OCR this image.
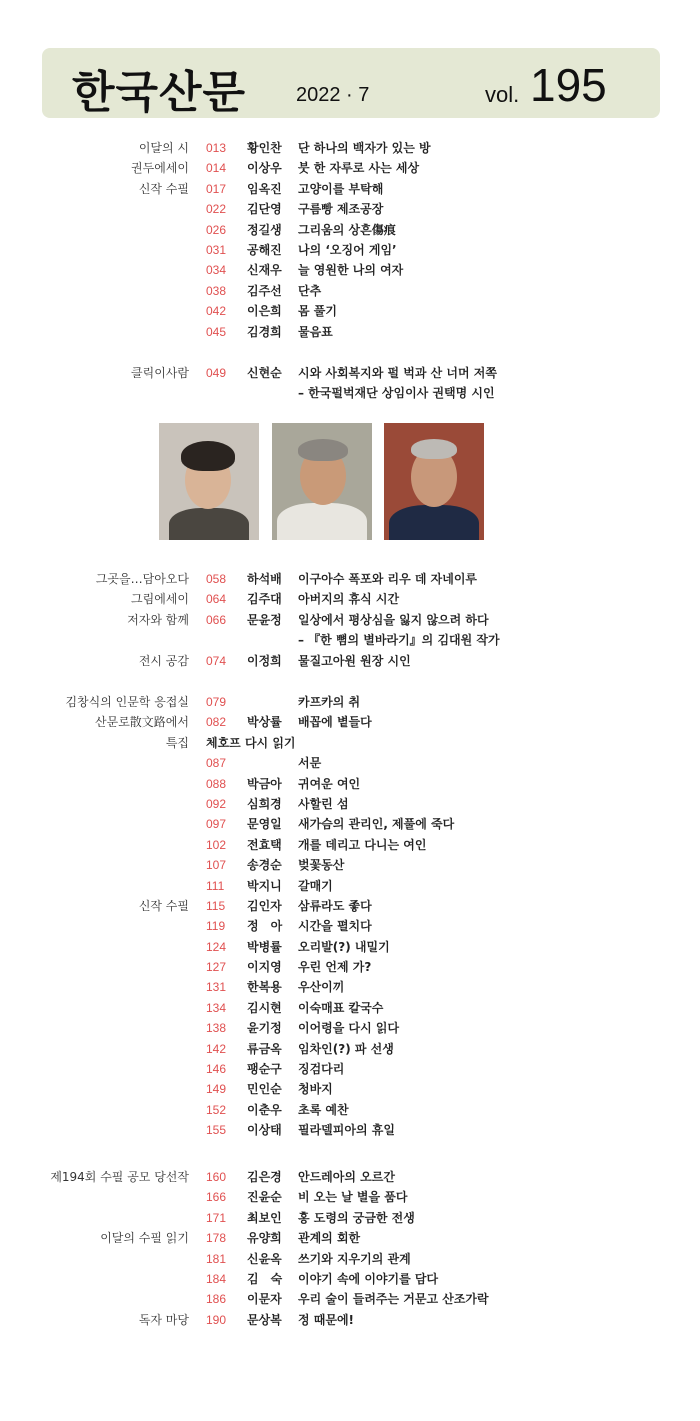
한국산문 2022 · 7	vol. 195
이달의 시 013 황인찬 단 하나의 백자가 있는 방
권두에세이 014 이상우 붓 한 자루로 사는 세상
신작 수필 017 임옥진 고양이를 부탁해
022 김단영 구름빵 제조공장
026 정길생 그리움의 상흔傷痕
031 공해진 나의 ‘오징어 게임’
034 신재우 늘 영원한 나의 여자
038 김주선 단추
042 이은희 몸 풀기
045 김경희 물음표
클릭이사람 049 신현순 시와 사회복지와 펄 벅과 산 너머 저쪽
– 한국펄벅재단 상임이사 권택명 시인
그곳을…담아오다 058 하석배 이구아수 폭포와 리우 데 자네이루
그림에세이 064 김주대 아버지의 휴식 시간
저자와 함께 066 문윤정 일상에서 평상심을 잃지 않으려 하다
– 『한 뼘의 별바라기』의 김대원 작가
전시 공감 074 이정희 물질고아원 원장 시인
김창식의 인문학 응접실 079	카프카의 취
산문로散文路에서 082 박상률 배꼽에 볕들다
특집 체호프 다시 읽기
087	서문
088 박금아 귀여운 여인
092 심희경 사할린 섬
097 문영일 새가슴의 관리인, 제풀에 죽다
102 전효택 개를 데리고 다니는 여인
107 송경순 벚꽃동산
111 박지니 갈매기
신작 수필 115 김인자 삼류라도 좋다
119 정　아 시간을 펼치다
124 박병률 오리발(?) 내밀기
127 이지영 우린 언제 가?
131 한복용 우산이끼
134 김시현 이숙매표 칼국수
138 윤기정 이어령을 다시 읽다
142 류금옥 임차인(?) 파 선생
146 팽순구 징검다리
149 민인순 청바지
152 이춘우 초록 예찬
155 이상태 필라델피아의 휴일
제194회 수필 공모 당선작 160 김은경 안드레아의 오르간
166 진윤순 비 오는 날 별을 품다
171 최보인 홍 도령의 궁금한 전생
이달의 수필 읽기 178 유양희 관계의 회한
181 신윤옥 쓰기와 지우기의 관계
184 김　숙 이야기 속에 이야기를 담다
186 이문자 우리 술이 들려주는 거문고 산조가락
독자 마당 190 문상복 정 때문에!
